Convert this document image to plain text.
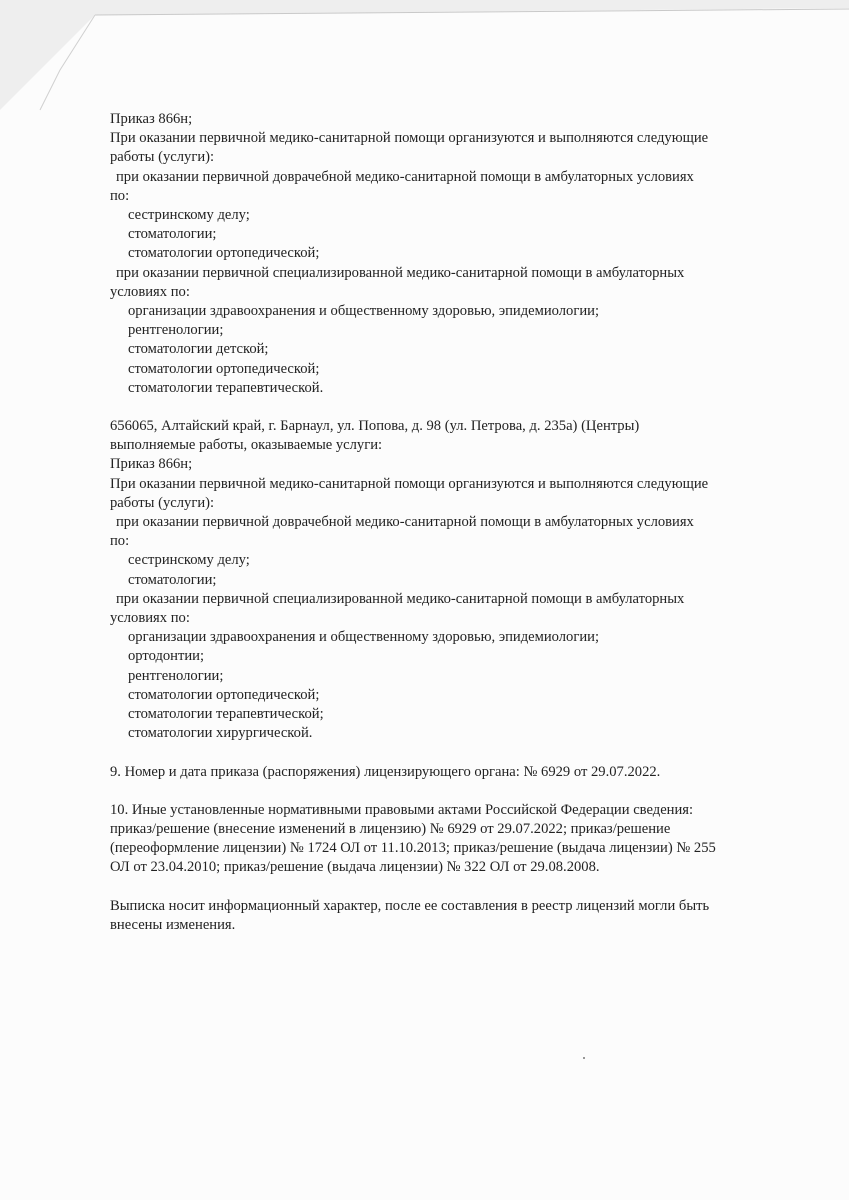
Приказ 866н;
При оказании первичной медико-санитарной помощи организуются и выполняются следующие
работы (услуги):
при оказании первичной доврачебной медико-санитарной помощи в амбулаторных условиях
по:
сестринскому делу;
стоматологии;
стоматологии ортопедической;
при оказании первичной специализированной медико-санитарной помощи в амбулаторных
условиях по:
организации здравоохранения и общественному здоровью, эпидемиологии;
рентгенологии;
стоматологии детской;
стоматологии ортопедической;
стоматологии терапевтической.
656065, Алтайский край, г. Барнаул, ул. Попова, д. 98 (ул. Петрова, д. 235а) (Центры)
выполняемые работы, оказываемые услуги:
Приказ 866н;
При оказании первичной медико-санитарной помощи организуются и выполняются следующие
работы (услуги):
при оказании первичной доврачебной медико-санитарной помощи в амбулаторных условиях
по:
сестринскому делу;
стоматологии;
при оказании первичной специализированной медико-санитарной помощи в амбулаторных
условиях по:
организации здравоохранения и общественному здоровью, эпидемиологии;
ортодонтии;
рентгенологии;
стоматологии ортопедической;
стоматологии терапевтической;
стоматологии хирургической.
9. Номер и дата приказа (распоряжения) лицензирующего органа: № 6929 от 29.07.2022.
10. Иные установленные нормативными правовыми актами Российской Федерации сведения:
приказ/решение (внесение изменений в лицензию) № 6929 от 29.07.2022; приказ/решение
(переоформление лицензии) № 1724 ОЛ от 11.10.2013; приказ/решение (выдача лицензии) № 255
ОЛ от 23.04.2010; приказ/решение (выдача лицензии) № 322 ОЛ от 29.08.2008.
Выписка носит информационный характер, после ее составления в реестр лицензий могли быть
внесены изменения.
